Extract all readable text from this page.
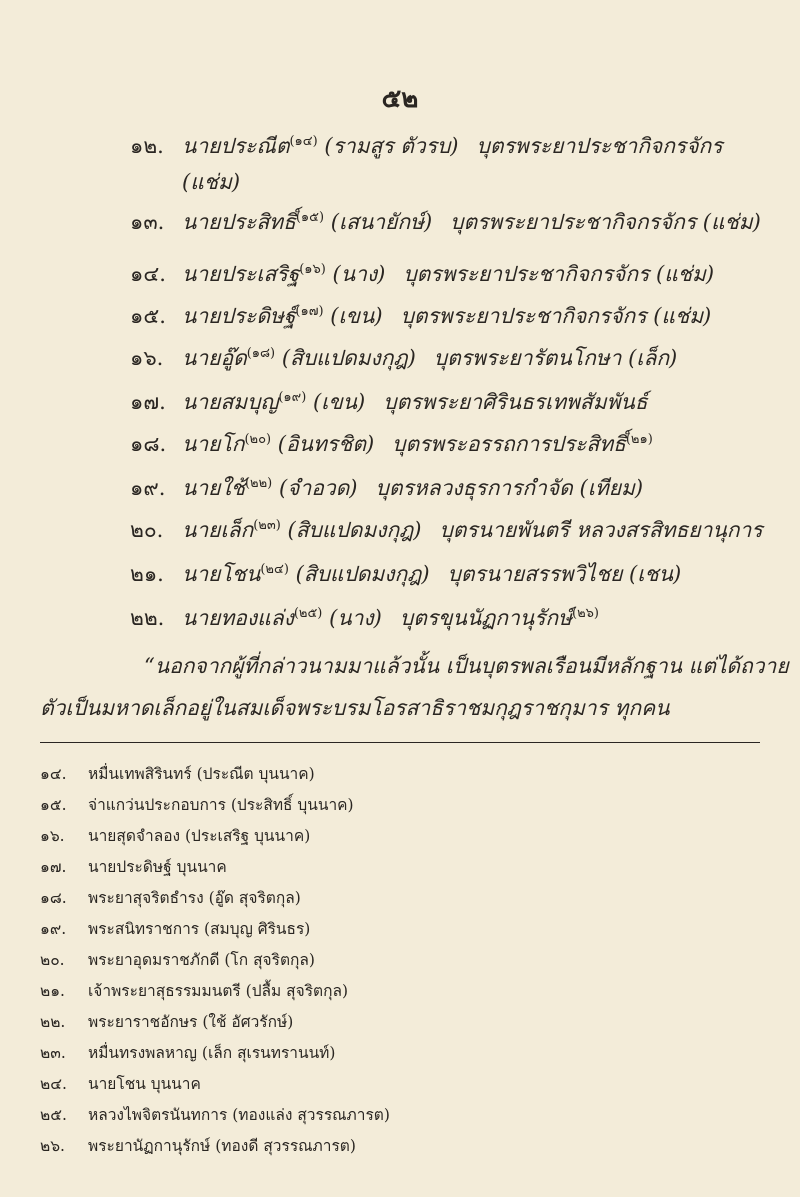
๕๒
๑๒. นายประณีต$^{(๑๔)}$ (รามสูร ตัวรบ) บุตรพระยาประชากิจกรจักร
(แช่ม)
๑๓. นายประสิทธิ์$^{(๑๕)}$ (เสนายักษ์) บุตรพระยาประชากิจกรจักร (แช่ม)
๑๔. นายประเสริฐ$^{(๑๖)}$ (นาง) บุตรพระยาประชากิจกรจักร (แช่ม)
๑๕. นายประดิษฐ์$^{(๑๗)}$ (เขน) บุตรพระยาประชากิจกรจักร (แช่ม)
๑๖. นายอู๊ด$^{(๑๘)}$ (สิบแปดมงกุฎ) บุตรพระยารัตนโกษา (เล็ก)
๑๗. นายสมบุญ$^{(๑๙)}$ (เขน) บุตรพระยาศิรินธรเทพสัมพันธ์
๑๘. นายโก$^{(๒๐)}$ (อินทรชิต) บุตรพระอรรถการประสิทธิ์$^{(๒๑)}$
๑๙. นายใช้$^{(๒๒)}$ (จำอวด) บุตรหลวงธุรการกำจัด (เทียม)
๒๐. นายเล็ก$^{(๒๓)}$ (สิบแปดมงกุฎ) บุตรนายพันตรี หลวงสรสิทธยานุการ
๒๑. นายโชน$^{(๒๔)}$ (สิบแปดมงกุฎ) บุตรนายสรรพวิไชย (เชน)
๒๒. นายทองแล่ง$^{(๒๕)}$ (นาง) บุตรขุนนัฏกานุรักษ์$^{(๒๖)}$
“นอกจากผู้ที่กล่าวนามมาแล้วนั้น เป็นบุตรพลเรือนมีหลักฐาน แต่ได้ถวาย
ตัวเป็นมหาดเล็กอยู่ในสมเด็จพระบรมโอรสาธิราชมกุฎราชกุมาร ทุกคน
๑๔. หมื่นเทพสิรินทร์ (ประณีต บุนนาค)
๑๕. จ่าแกว่นประกอบการ (ประสิทธิ์ บุนนาค)
๑๖. นายสุดจำลอง (ประเสริฐ บุนนาค)
๑๗. นายประดิษฐ์ บุนนาค
๑๘. พระยาสุจริตธำรง (อู๊ด สุจริตกุล)
๑๙. พระสนิทราชการ (สมบุญ ศิรินธร)
๒๐. พระยาอุดมราชภักดี (โก สุจริตกุล)
๒๑. เจ้าพระยาสุธรรมมนตรี (ปลื้ม สุจริตกุล)
๒๒. พระยาราชอักษร (ใช้ อัศวรักษ์)
๒๓. หมื่นทรงพลหาญ (เล็ก สุเรนทรานนท์)
๒๔. นายโชน บุนนาค
๒๕. หลวงไพจิตรนันทการ (ทองแล่ง สุวรรณภารต)
๒๖. พระยานัฏกานุรักษ์ (ทองดี สุวรรณภารต)
